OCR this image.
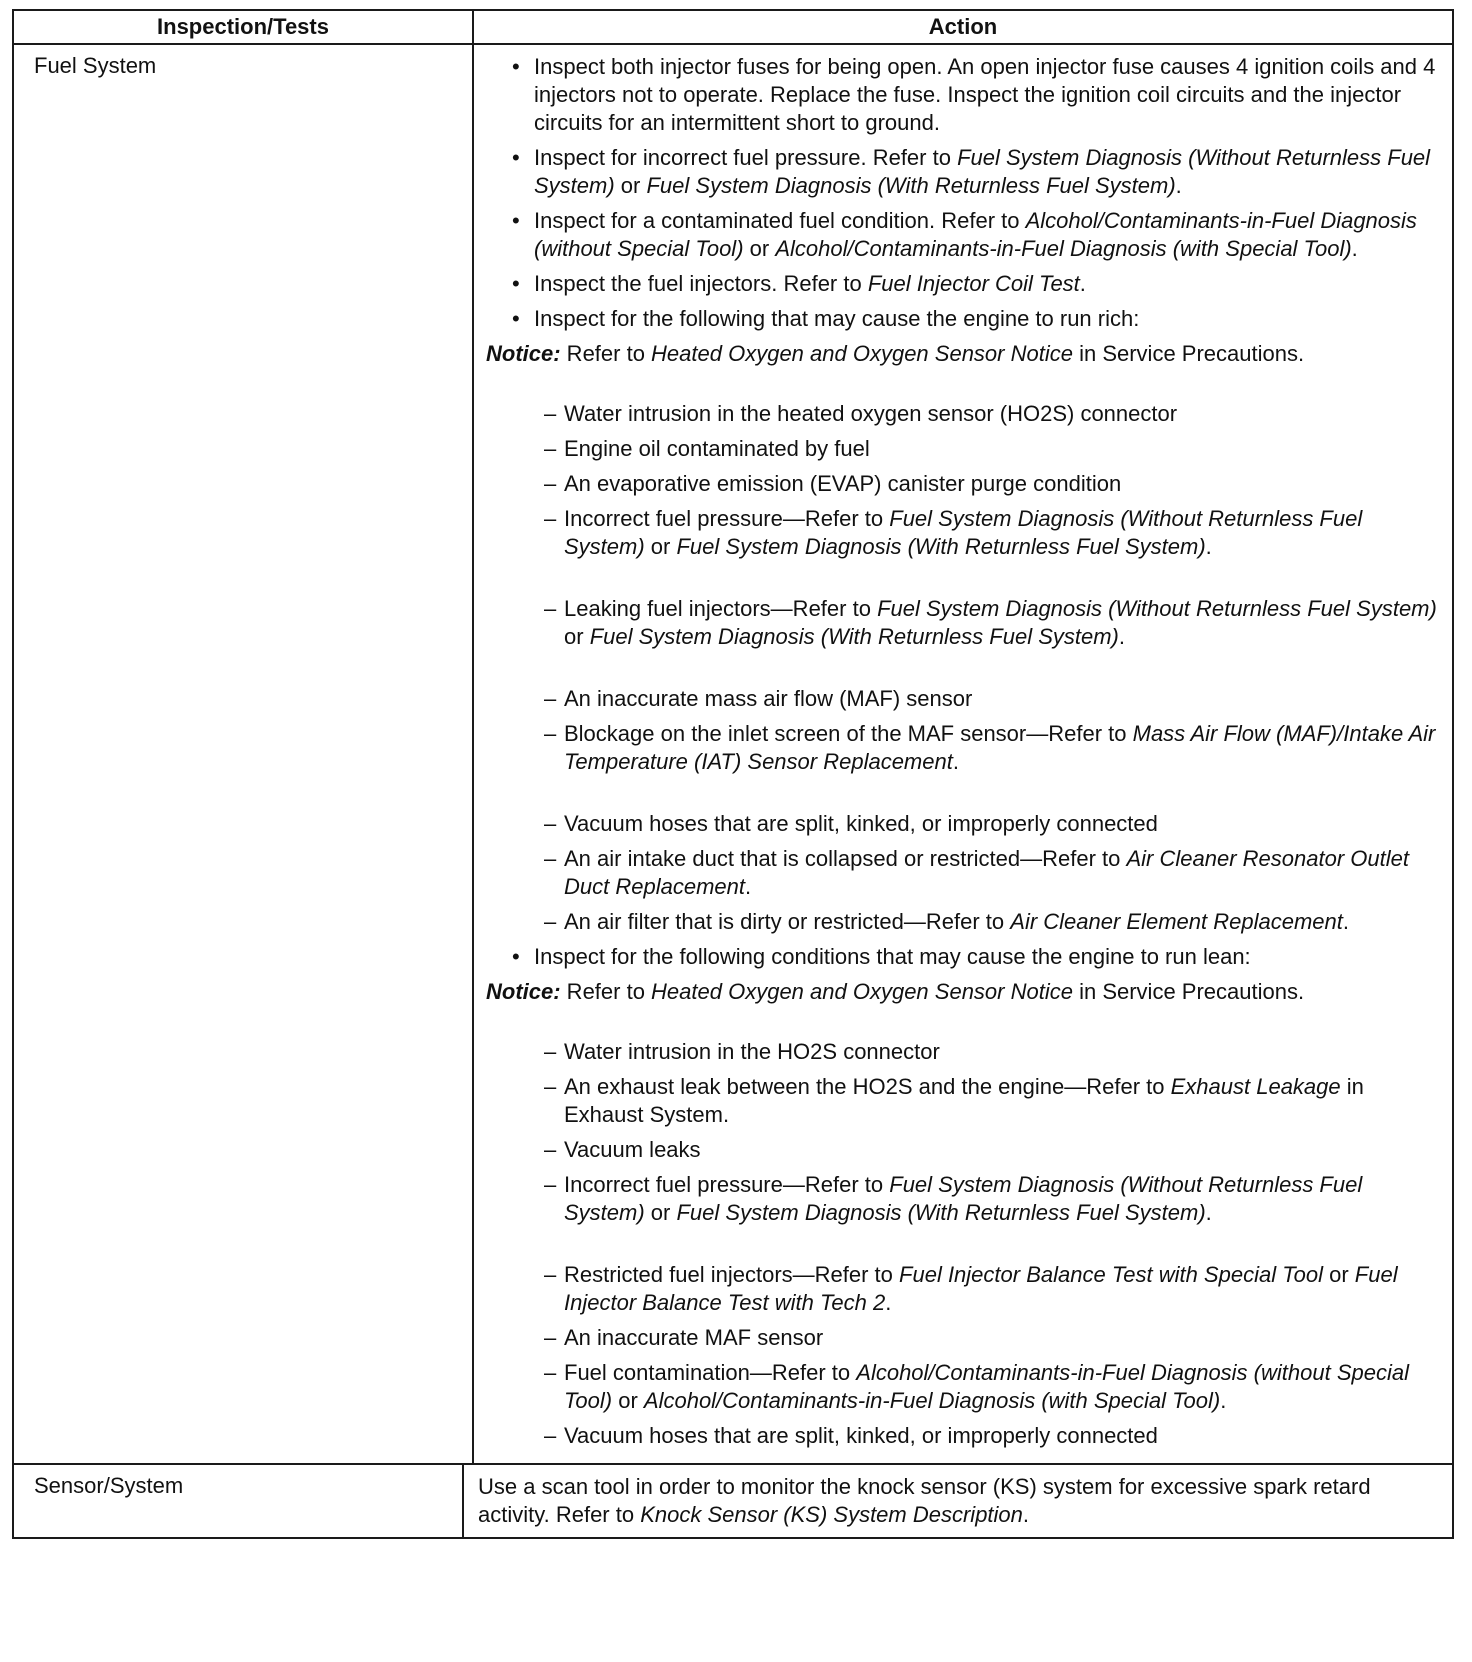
Inspection/Tests	Action
Fuel System
•	Inspect both injector fuses for being open. An open injector fuse causes 4 ignition coils and 4 injectors not to operate. Replace the fuse. Inspect the ignition coil circuits and the injector circuits for an intermittent short to ground.
• Inspect for incorrect fuel pressure. Refer to Fuel System Diagnosis (Without Returnless Fuel System) or Fuel System Diagnosis (With Returnless Fuel System).
• Inspect for a contaminated fuel condition. Refer to Alcohol/Contaminants-in-Fuel Diagnosis (without Special Tool) or Alcohol/Contaminants-in-Fuel Diagnosis (with Special Tool).
• Inspect the fuel injectors. Refer to Fuel Injector Coil Test.
• Inspect for the following that may cause the engine to run rich:
Notice: Refer to Heated Oxygen and Oxygen Sensor Notice in Service Precautions.
– Water intrusion in the heated oxygen sensor (HO2S) connector
– Engine oil contaminated by fuel
– An evaporative emission (EVAP) canister purge condition
– Incorrect fuel pressure—Refer to Fuel System Diagnosis (Without Returnless Fuel System) or Fuel System Diagnosis (With Returnless Fuel System).
– Leaking fuel injectors—Refer to Fuel System Diagnosis (Without Returnless Fuel System) or Fuel System Diagnosis (With Returnless Fuel System).
– An inaccurate mass air flow (MAF) sensor
– Blockage on the inlet screen of the MAF sensor—Refer to Mass Air Flow (MAF)/Intake Air Temperature (IAT) Sensor Replacement.
– Vacuum hoses that are split, kinked, or improperly connected
– An air intake duct that is collapsed or restricted—Refer to Air Cleaner Resonator Outlet Duct Replacement.
– An air filter that is dirty or restricted—Refer to Air Cleaner Element Replacement.
• Inspect for the following conditions that may cause the engine to run lean:
Notice: Refer to Heated Oxygen and Oxygen Sensor Notice in Service Precautions.
– Water intrusion in the HO2S connector
– An exhaust leak between the HO2S and the engine—Refer to Exhaust Leakage in Exhaust System.
– Vacuum leaks
– Incorrect fuel pressure—Refer to Fuel System Diagnosis (Without Returnless Fuel System) or Fuel System Diagnosis (With Returnless Fuel System).
– Restricted fuel injectors—Refer to Fuel Injector Balance Test with Special Tool or Fuel Injector Balance Test with Tech 2.
– An inaccurate MAF sensor
– Fuel contamination—Refer to Alcohol/Contaminants-in-Fuel Diagnosis (without Special Tool) or Alcohol/Contaminants-in-Fuel Diagnosis (with Special Tool).
– Vacuum hoses that are split, kinked, or improperly connected
Sensor/System	Use a scan tool in order to monitor the knock sensor (KS) system for excessive spark retard activity. Refer to Knock Sensor (KS) System Description.
